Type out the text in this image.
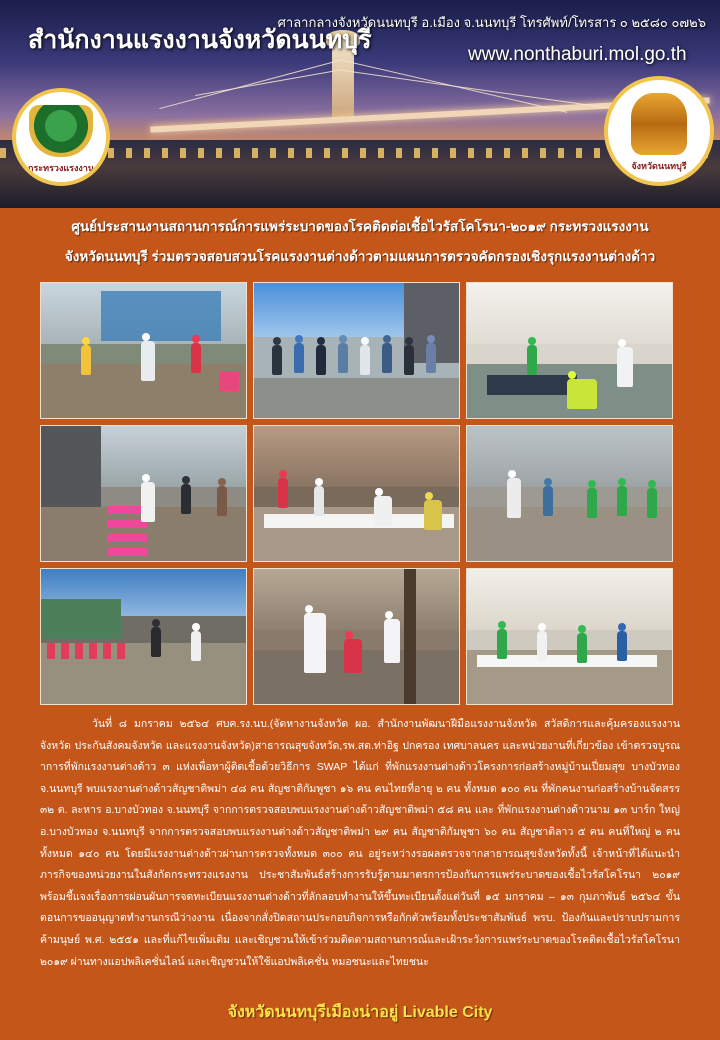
สำนักงานแรงงานจังหวัดนนทบุรี
ศาลากลางจังหวัดนนทบุรี อ.เมือง จ.นนทบุรี โทรศัพท์/โทรสาร ๐ ๒๕๘๐ ๐๗๒๖
www.nonthaburi.mol.go.th
กระทรวงแรงงาน	จังหวัดนนทบุรี
ศูนย์ประสานงานสถานการณ์การแพร่ระบาดของโรคติดต่อเชื้อไวรัสโคโรนา-๒๐๑๙ กระทรวงแรงงาน
จังหวัดนนทบุรี ร่วมตรวจสอบสวนโรคแรงงานต่างด้าวตามแผนการตรวจคัดกรองเชิงรุกแรงงานต่างด้าว
วันที่ ๘ มกราคม ๒๕๖๔ ศบค.รง.นบ.(จัดหางานจังหวัด ผอ. สำนักงานพัฒนาฝีมือแรงงานจังหวัด สวัสดิการและคุ้มครองแรงงานจังหวัด ประกันสังคมจังหวัด และแรงงานจังหวัด)สาธารณสุขจังหวัด,รพ.สต.ท่าอิฐ ปกครอง เทศบาลนคร และหน่วยงานที่เกี่ยวข้อง เข้าตรวจบูรณาการที่พักแรงงานต่างด้าว ๓ แห่งเพื่อหาผู้ติดเชื้อด้วยวิธีการ SWAP ได้แก่ ที่พักแรงงานต่างด้าวโครงการก่อสร้างหมู่บ้านเปี่ยมสุข บางบัวทอง จ.นนทบุรี พบแรงงานต่างด้าวสัญชาติพม่า ๔๘ คน สัญชาติกัมพูชา ๑๖ คน คนไทยที่อายุ ๒ คน ทั้งหมด ๑๐๐ คน ที่พักคนงานก่อสร้างบ้านจัดสรร ๓๒ ต. ละหาร อ.บางบัวทอง จ.นนทบุรี จากการตรวจสอบพบแรงงานต่างด้าวสัญชาติพม่า ๕๘ คน และ ที่พักแรงงานต่างด้าวนาม ๑๓ บาร์ก ใหญ่ อ.บางบัวทอง จ.นนทบุรี จากการตรวจสอบพบแรงงานต่างด้าวสัญชาติพม่า ๒๙ คน สัญชาติกัมพูชา ๖๐ คน สัญชาติลาว ๕ คน คนที่ใหญ่ ๒ คน ทั้งหมด ๑๔๐ คน โดยมีแรงงานต่างด้าวผ่านการตรวจทั้งหมด ๓๐๐ คน อยู่ระหว่างรอผลตรวจจากสาธารณสุขจังหวัดทั้งนี้ เจ้าหน้าที่ได้แนะนำภารกิจของหน่วยงานในสังกัดกระทรวงแรงงาน ประชาสัมพันธ์สร้างการรับรู้ตามมาตรการป้องกันการแพร่ระบาดของเชื้อไวรัสโคโรนา ๒๐๑๙ พร้อมชี้แจงเรื่องการผ่อนผันการจดทะเบียนแรงงานต่างด้าวที่ลักลอบทำงานให้ขึ้นทะเบียนตั้งแต่วันที่ ๑๕ มกราคม – ๑๓ กุมภาพันธ์ ๒๕๖๔ ขั้นตอนการขออนุญาตทำงานกรณีว่างงาน เนื่องจากสั่งปิดสถานประกอบกิจการหรือกักตัวพร้อมทั้งประชาสัมพันธ์ พรบ. ป้องกันและปราบปรามการค้ามนุษย์ พ.ศ. ๒๕๕๑ และที่แก้ไขเพิ่มเติม และเชิญชวนให้เข้าร่วมติดตามสถานการณ์และเฝ้าระวังการแพร่ระบาดของโรคติดเชื้อไวรัสโคโรนา ๒๐๑๙ ผ่านทางแอปพลิเคชั่นไลน์ และเชิญชวนให้ใช้แอปพลิเคชั่น หมอชนะและไทยชนะ
จังหวัดนนทบุรีเมืองน่าอยู่ Livable City
